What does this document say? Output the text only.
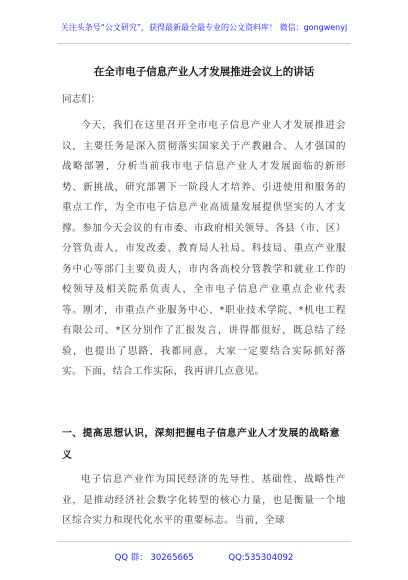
关注头条号“公文研究”，获得最新最全最专业的公文资料库！ 微信：gongwenyj
在全市电子信息产业人才发展推进会议上的讲话
同志们：
今天，我们在这里召开全市电子信息产业人才发展推进会议，主要任务是深入贯彻落实国家关于产教融合、人才强国的战略部署，分析当前我市电子信息产业人才发展面临的新形势、新挑战，研究部署下一阶段人才培养、引进使用和服务的重点工作，为全市电子信息产业高质量发展提供坚实的人才支撑。参加今天会议的有市委、市政府相关领导、各县（市、区）分管负责人，市发改委、教育局人社局、科技局、重点产业服务中心等部门主要负责人，市内各高校分管教学和就业工作的校领导及相关院系负责人，全市电子信息产业重点企业代表等。刚才，市重点产业服务中心、*职业技术学院、*机电工程有限公司、*区分别作了汇报发言，讲得都很好，既总结了经验，也提出了思路，我都同意，大家一定要结合实际抓好落实。下面，结合工作实际，我再讲几点意见。
一、提高思想认识，深刻把握电子信息产业人才发展的战略意义
电子信息产业作为国民经济的先导性、基础性、战略性产业，是推动经济社会数字化转型的核心力量，也是衡量一个地区综合实力和现代化水平的重要标志。当前，全球
QQ 群： 30265665	QQ:535304092
